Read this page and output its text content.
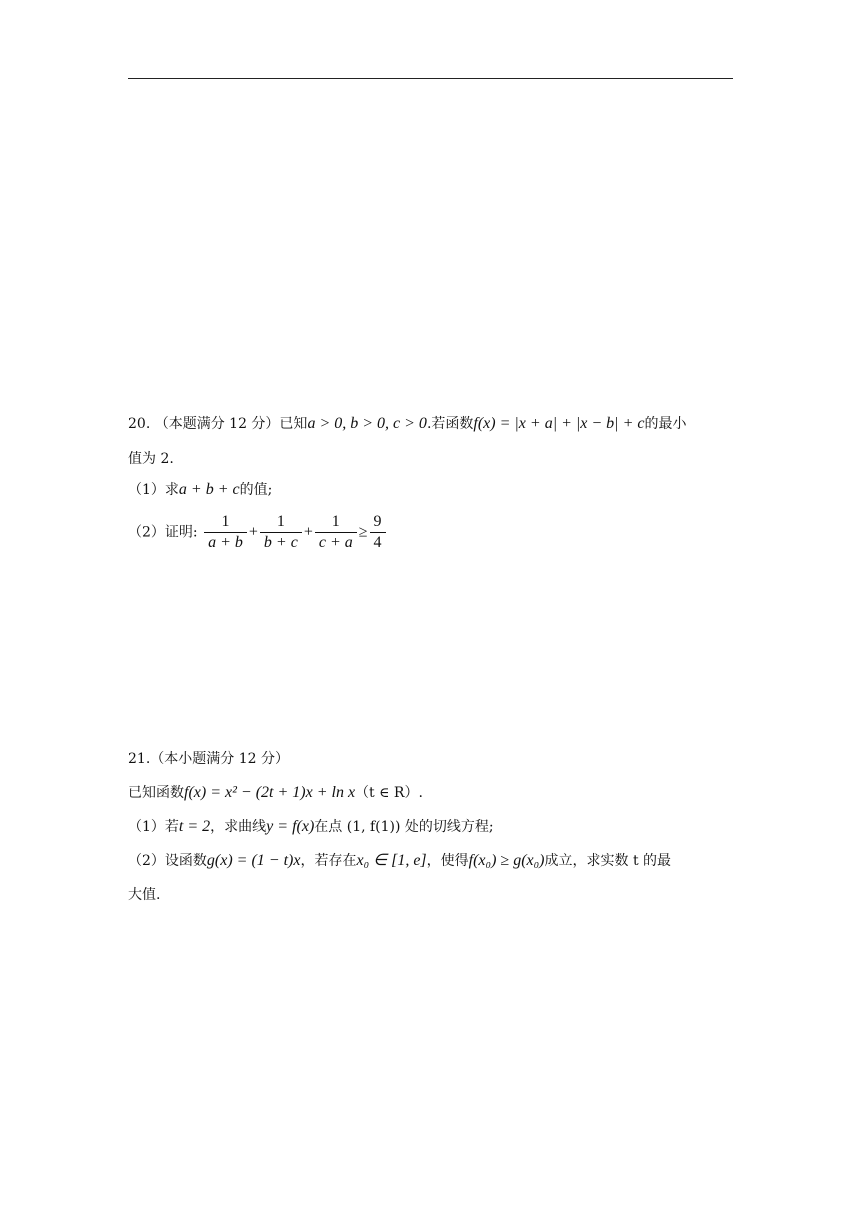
20. （本题满分 12 分）已知a > 0, b > 0, c > 0.若函数f(x) = |x + a| + |x − b| + c的最小
值为 2.
（1）求a + b + c的值;
（2）证明: $\frac{1}{a + b} + \frac{1}{b + c} + \frac{1}{c + a} \ge \frac{9}{4}$
21.（本小题满分 12 分）
已知函数f(x) = x² − (2t + 1)x + ln x（t ∈ R）.
（1）若t = 2，求曲线y = f(x)在点 (1, f(1)) 处的切线方程;
（2）设函数g(x) = (1 − t)x，若存在x₀ ∈ [1, e]，使得f(x₀) ≥ g(x₀)成立，求实数 t 的最
大值.
